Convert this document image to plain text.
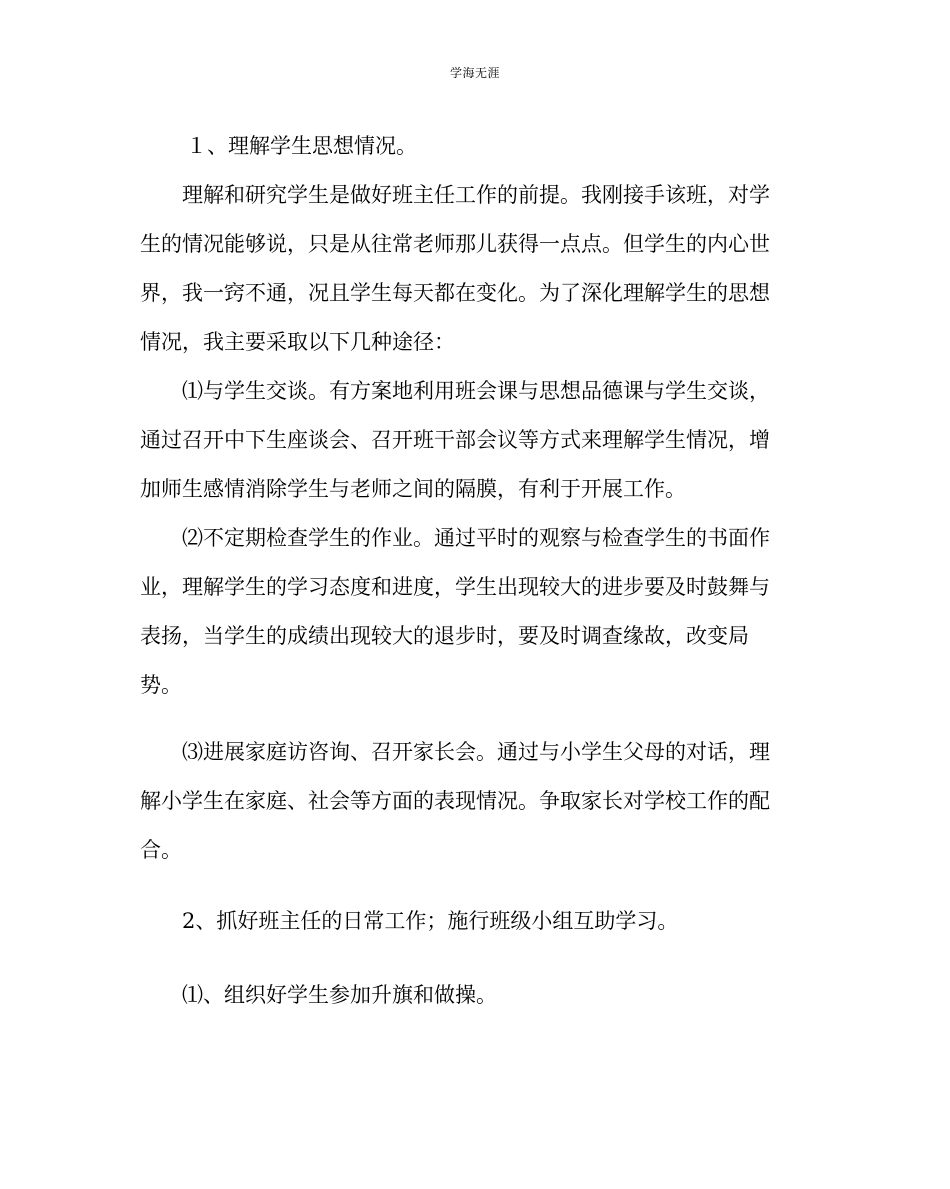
学海无涯

１、理解学生思想情况。

理解和研究学生是做好班主任工作的前提。我刚接手该班，对学
生的情况能够说，只是从往常老师那儿获得一点点。但学生的内心世
界，我一窍不通，况且学生每天都在变化。为了深化理解学生的思想
情况，我主要采取以下几种途径：

⑴与学生交谈。有方案地利用班会课与思想品德课与学生交谈，
通过召开中下生座谈会、召开班干部会议等方式来理解学生情况，增
加师生感情消除学生与老师之间的隔膜，有利于开展工作。

⑵不定期检查学生的作业。通过平时的观察与检查学生的书面作
业，理解学生的学习态度和进度，学生出现较大的进步要及时鼓舞与
表扬，当学生的成绩出现较大的退步时，要及时调查缘故，改变局
势。

⑶进展家庭访咨询、召开家长会。通过与小学生父母的对话，理
解小学生在家庭、社会等方面的表现情况。争取家长对学校工作的配
合。

2、抓好班主任的日常工作；施行班级小组互助学习。

⑴、组织好学生参加升旗和做操。
